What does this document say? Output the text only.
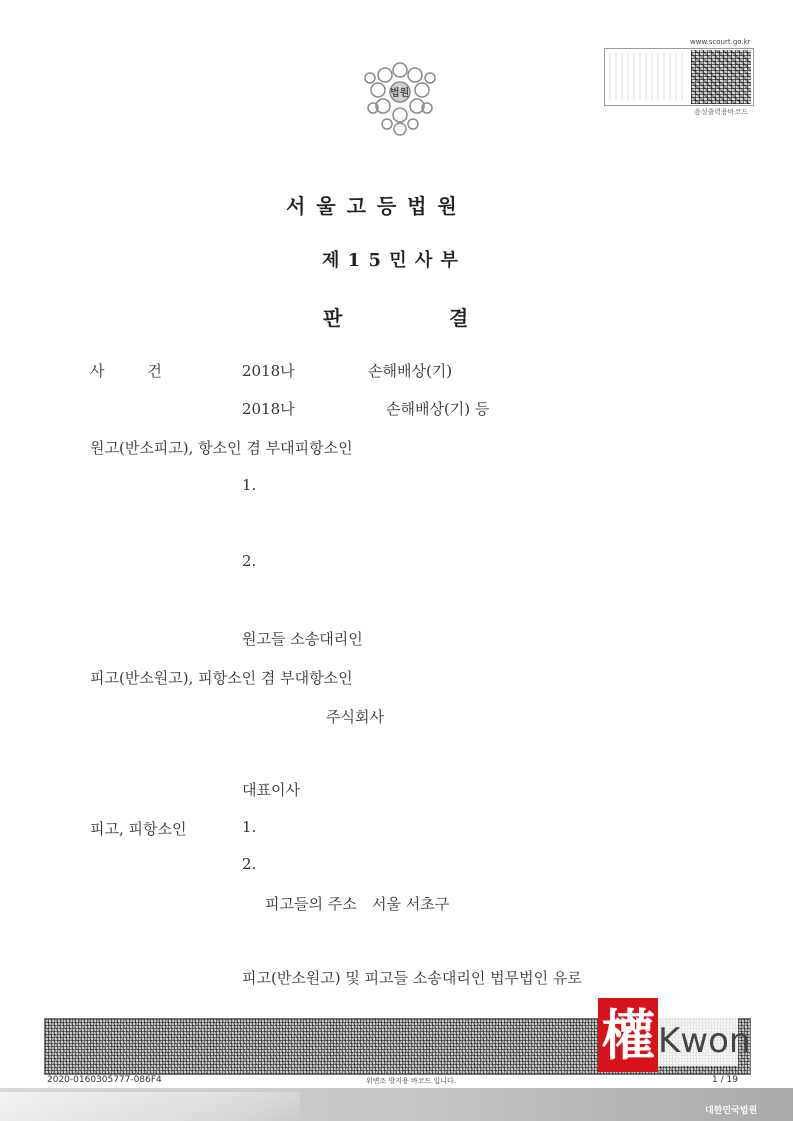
법원
www.scourt.go.kr
음성출력용바코드
서 울 고 등 법 원
제 1 5 민 사 부
판	결
사         건	2018나	손해배상(기)
2018나	손해배상(기) 등
원고(반소피고), 항소인 겸 부대피항소인
1.
2.
원고들 소송대리인
피고(반소원고), 피항소인 겸 부대항소인
주식회사
대표이사
피고, 피항소인	1.
2.
피고들의 주소 서울 서초구
피고(반소원고) 및 피고들 소송대리인 법무법인 유로
權 Kwon
2020-0160305777-086F4	위변조 방지용 바코드 입니다.	1 / 19
대한민국법원
